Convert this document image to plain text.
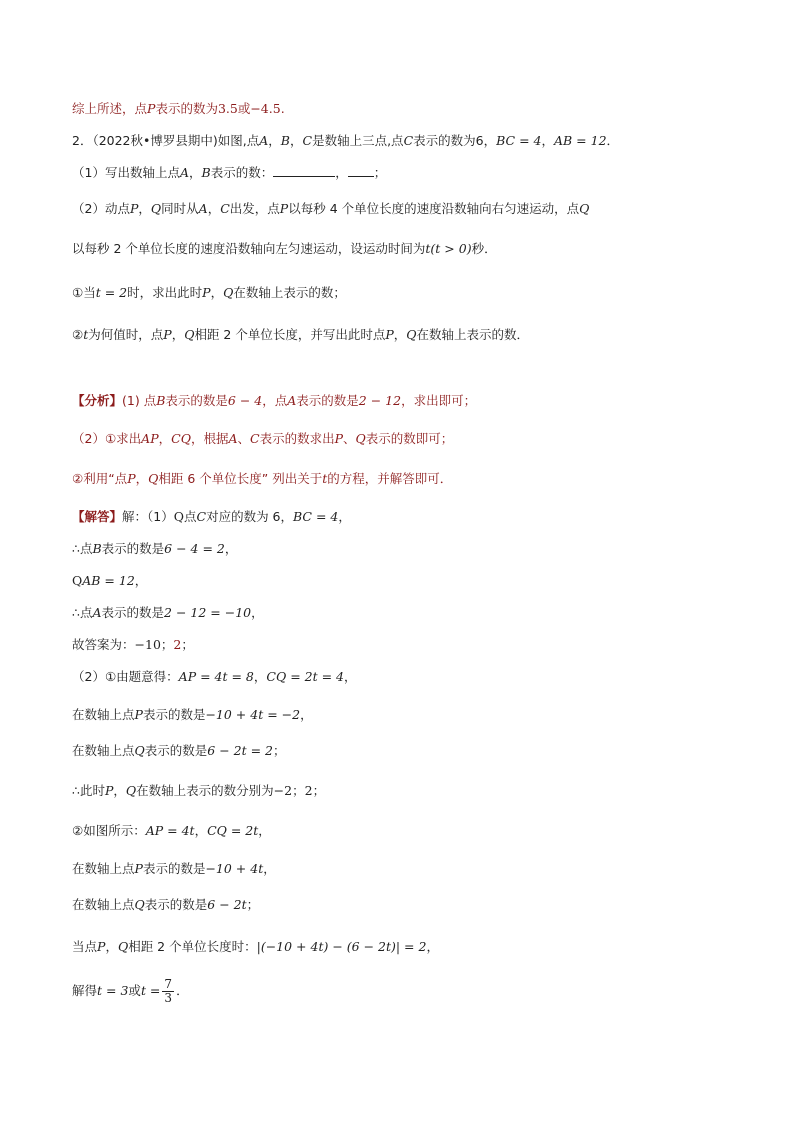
综上所述，点P表示的数为3.5或−4.5.
2．（2022秋•博罗县期中)如图,点A，B，C是数轴上三点,点C表示的数为6，BC = 4，AB = 12．
（1）写出数轴上点A，B表示的数：	， ；
（2）动点P，Q同时从A，C出发，点P以每秒 4 个单位长度的速度沿数轴向右匀速运动，点Q
以每秒 2 个单位长度的速度沿数轴向左匀速运动，设运动时间为t(t > 0)秒．
①当t = 2时，求出此时P，Q在数轴上表示的数；
②t为何值时，点P，Q相距 2 个单位长度，并写出此时点P，Q在数轴上表示的数．
【分析】(1) 点B表示的数是6 − 4，点A表示的数是2 − 12，求出即可；
（2）①求出AP，CQ，根据A、C表示的数求出P、Q表示的数即可；
②利用“点P，Q相距 6 个单位长度” 列出关于t的方程，并解答即可．
【解答】解：（1）Q点C对应的数为 6，BC = 4，
∴点B表示的数是6 − 4 = 2，
QAB = 12，
∴点A表示的数是2 − 12 = −10，
故答案为：−10；2；
（2）①由题意得：AP = 4t = 8，CQ = 2t = 4，
在数轴上点P表示的数是−10 + 4t = −2，
在数轴上点Q表示的数是6 − 2t = 2；
∴此时P，Q在数轴上表示的数分别为−2；2；
②如图所示：AP = 4t，CQ = 2t，
在数轴上点P表示的数是−10 + 4t，
在数轴上点Q表示的数是6 − 2t；
当点P，Q相距 2 个单位长度时：|(−10 + 4t) − (6 − 2t)| = 2，
解得t = 3或$t = \frac{7}{3}$ ．
